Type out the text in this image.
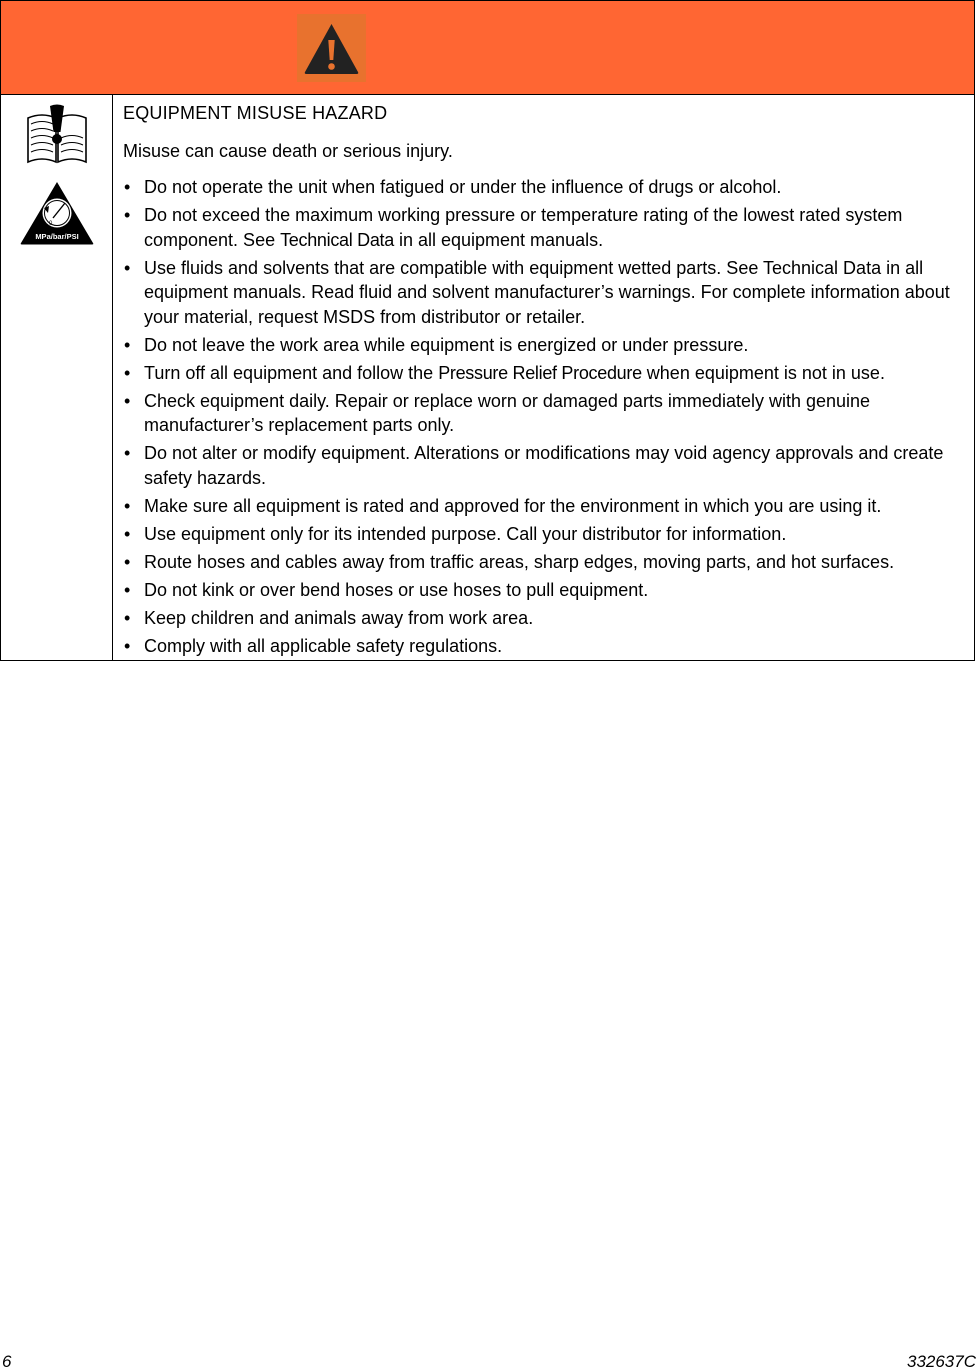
0
MPa/bar/PSI
EQUIPMENT MISUSE HAZARD

Misuse can cause death or serious injury.

• Do not operate the unit when fatigued or under the influence of drugs or alcohol.
• Do not exceed the maximum working pressure or temperature rating of the lowest rated system component. See Technical Data in all equipment manuals.
• Use fluids and solvents that are compatible with equipment wetted parts. See Technical Data in all equipment manuals. Read fluid and solvent manufacturer’s warnings. For complete information about your material, request MSDS from distributor or retailer.
• Do not leave the work area while equipment is energized or under pressure.
• Turn off all equipment and follow the Pressure Relief Procedure when equipment is not in use.
• Check equipment daily. Repair or replace worn or damaged parts immediately with genuine manufacturer’s replacement parts only.
• Do not alter or modify equipment. Alterations or modifications may void agency approvals and create safety hazards.
• Make sure all equipment is rated and approved for the environment in which you are using it.
• Use equipment only for its intended purpose. Call your distributor for information.
• Route hoses and cables away from traffic areas, sharp edges, moving parts, and hot surfaces.
• Do not kink or over bend hoses or use hoses to pull equipment.
• Keep children and animals away from work area.
• Comply with all applicable safety regulations.
6	332637C
